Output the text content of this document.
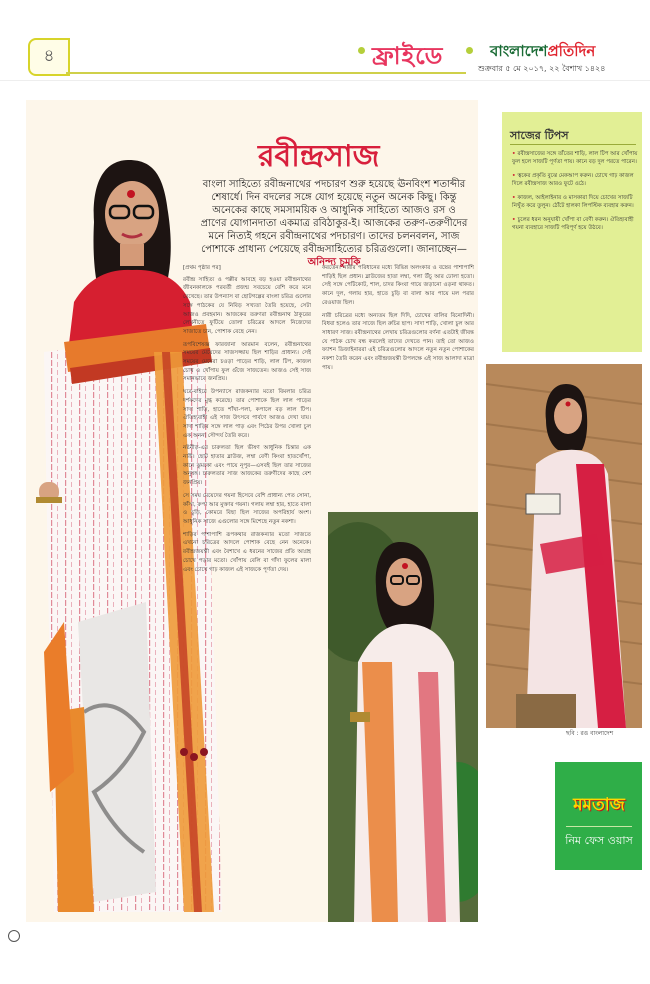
৪	ফ্রাইডে	বাংলাদেশপ্রতিদিন
শুক্রবার ৫ মে ২০১৭, ২২ বৈশাখ ১৪২৪
রবীন্দ্রসাজ
বাংলা সাহিত্যে রবীন্দ্রনাথের পদচারণ শুরু হয়েছে ঊনবিংশ শতাব্দীর শেষার্ধে। দিন বদলের সঙ্গে যোগ হয়েছে নতুন অনেক কিছু। কিন্তু অনেকের কাছে সমসাময়িক ও আধুনিক সাহিত্যে আজও রস ও প্রাণের যোগানদাতা একমাত্র রবিঠাকুর-ই। আজকের তরুণ-তরুণীদের মনে নিত্যই গহনে রবীন্দ্রনাথের পদচারণ। তাদের চলনবলন, সাজ পোশাকে প্রাধান্য পেয়েছে রবীন্দ্রসাহিত্যের চরিত্রগুলো। জানাচ্ছেন— অনিন্দ্য চুমকি
[প্রথম পৃষ্ঠার পর]

রবীন্দ্র সাহিত্য ও পল্লীর আবহে বড় হওয়া রবীন্দ্রনাথের জীবনকালকে পরবর্তী প্রজন্ম সবচেয়ে বেশি করে মনে রেখেছে। তার উপন্যাস বা ছোটগল্পের বাংলা চরিত্র গুলোর সঙ্গে পাঠকের যে নিবিড় সখ্যতা তৈরি হয়েছে, সেটা আজও প্রবহমান। আজকের তরুণরা রবীন্দ্রনাথ ঠাকুরের লেখনীতে ফুটিয়ে তোলা চরিত্রের আদলে নিজেদের সাজাতে চান, পোশাক বেছে নেন।

রূপবিশেষজ্ঞ ফারজানা আরমান বলেন, রবীন্দ্রনাথের সময়ের মেয়েদের সাজসজ্জায় ছিল শাড়ির প্রাধান্য। সেই সময়ের মেয়েরা চওড়া পাড়ের শাড়ি, লাল টিপ, কাজল চোখ ও খোঁপায় ফুল গুঁজে সাজতেন। আজও সেই সাজ সমানভাবে জনপ্রিয়।

ঘরে-বাইরে উপন্যাসে রাজকন্যার মতো বিমলার চরিত্র দর্শকদের মুগ্ধ করেছে। তার পোশাকে ছিল লাল পাড়ের সাদা শাড়ি, হাতে শাঁখা-পলা, কপালে বড় লাল টিপ। ঐতিহ্যবাহী এই সাজ উৎসবে পার্বণে আজও দেখা যায়। সাদা শাড়ির সঙ্গে লাল পাড় এবং পিঠের উপর খোলা চুল এক অনন্য সৌন্দর্য তৈরি করে।

নষ্টনীড়-এর চারুলতা ছিল ভীষণ আধুনিক চিন্তার এক নারী। ছোট হাতার ব্লাউজ, লম্বা বেণী কিংবা হাতখোঁপা, কানে ঝুমকো এবং পায়ে নূপুর—এসবই ছিল তার সাজের অনুষঙ্গ। চারুলতার সাজ আজকের তরুণীদের কাছে বেশ জনপ্রিয়।

সে সময় মেয়েদের গয়না হিসেবে বেশি প্রাধান্য পেত সোনা, কাঁসা, রুপা আর মুক্তার গয়না। গলায় লম্বা হার, হাতে বালা ও চুড়ি, কোমরে বিছা ছিল সাজের অপরিহার্য অংশ। আধুনিক সাজে এগুলোর সঙ্গে মিশেছে নতুন নকশা।

শাড়ির পাশাপাশি রূপকথার রাজকন্যার মতো সাজতে এখনো চরিত্রের আদলে পোশাক বেছে নেন অনেকে। রবীন্দ্রজয়ন্তী এবং বৈশাখে এ ধরনের সাজের প্রতি আগ্রহ চোখে পড়ার মতো। খোঁপায় বেলি বা গাঁদা ফুলের মালা এবং চোখে গাঢ় কাজল এই সাজকে পূর্ণতা দেয়।

করতেন। নারীর পরিধানের মধ্যে বিভিন্ন অলংকার ও বস্ত্রের পাশাপাশি শাড়িই ছিল প্রধান। ব্লাউজের হাতা লম্বা, গলা উঁচু আর ঢোলা হতো। সেই সঙ্গে পেটিকোট, শাল, চাদর কিংবা গায়ে জড়ানো ওড়না থাকত। কানে দুল, গলায় হার, হাতে চুড়ি বা বালা আর পায়ে মল পরার রেওয়াজ ছিল।

নারী চরিত্রের মধ্যে অন্যতম ছিল দিদি, চোখের বালির বিনোদিনী। বিধবা হলেও তার সাজে ছিল রুচির ছাপ। সাদা শাড়ি, খোলা চুল আর সাধারণ সাজ। রবীন্দ্রনাথের লেখায় চরিত্রগুলোর বর্ণনা এতটাই জীবন্ত যে পাঠক চোখ বন্ধ করলেই তাদের দেখতে পান। তাই তো আজও ফ্যাশন ডিজাইনাররা এই চরিত্রগুলোর আদলে নতুন নতুন পোশাকের নকশা তৈরি করেন এবং রবীন্দ্রজয়ন্তী উপলক্ষে এই সাজ আলাদা মাত্রা পায়।

ছবি : রঙ বাংলাদেশ
সাজের টিপস
• রবীন্দ্রসাজের সঙ্গে তাঁতের শাড়ি, লাল টিপ আর খোঁপায় ফুল হলে সাজটি পূর্ণতা পায়। কানে বড় দুল পরতে পারেন।
• ত্বকের প্রকৃতি বুঝে মেকআপ করুন। চোখে গাঢ় কাজল দিলে রবীন্দ্রসাজ আরও ফুটে ওঠে।
• কাজল, আইলাইনার ও মাসকারা দিয়ে চোখের সাজটি নিখুঁত করে তুলুন। ঠোঁটে হালকা লিপস্টিক ব্যবহার করুন।
• চুলের ধরন অনুযায়ী খোঁপা বা বেণী করুন। ঐতিহ্যবাহী গয়না ব্যবহারে সাজটি পরিপূর্ণ হয়ে উঠবে।
মমতাজ
নিম ফেস ওয়াস
